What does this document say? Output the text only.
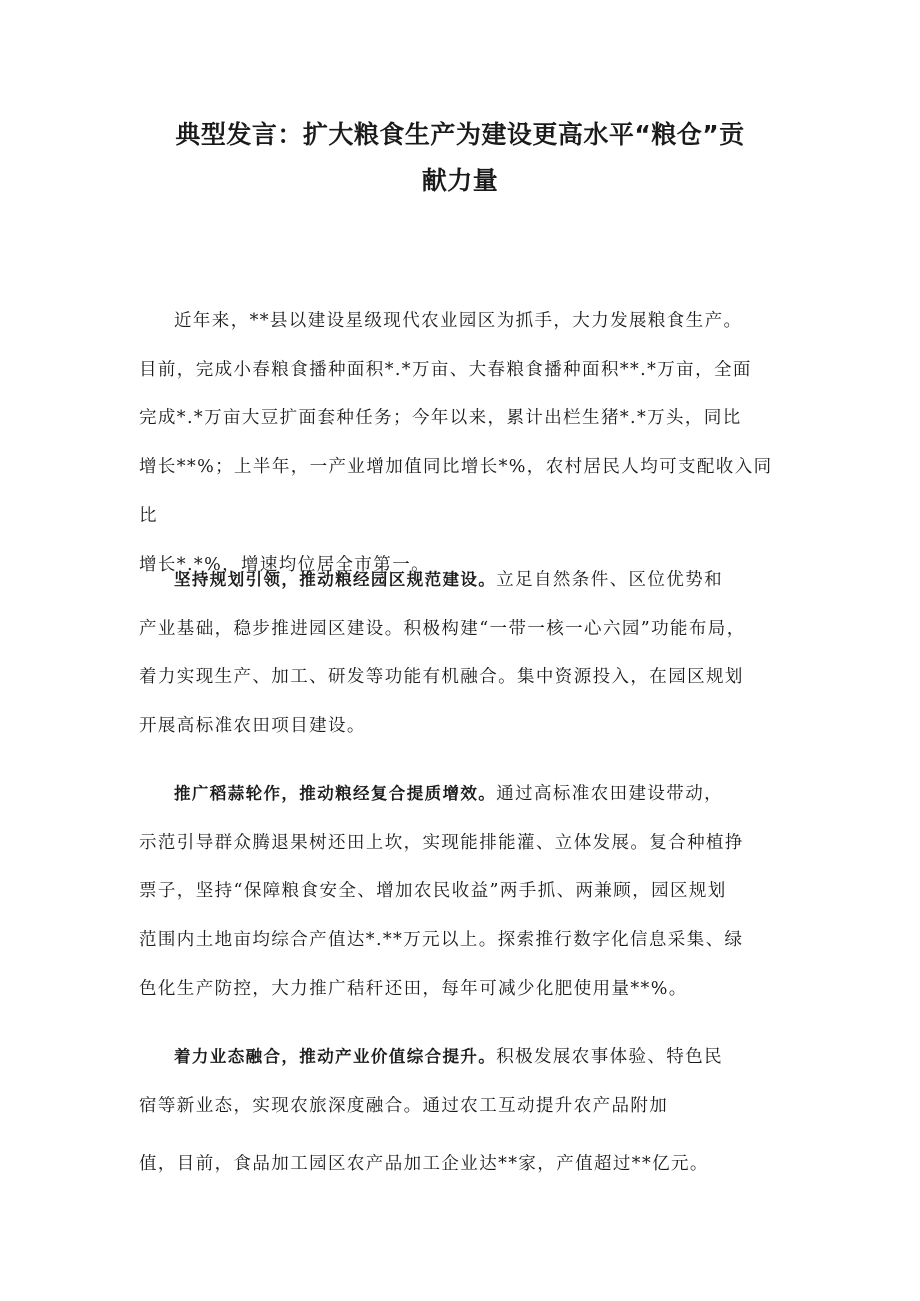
典型发言：扩大粮食生产为建设更高水平“粮仓”贡
献力量
近年来，**县以建设星级现代农业园区为抓手，大力发展粮食生产。
目前，完成小春粮食播种面积*.*万亩、大春粮食播种面积**.*万亩，全面
完成*.*万亩大豆扩面套种任务；今年以来，累计出栏生猪*.*万头，同比
增长**%；上半年，一产业增加值同比增长*%，农村居民人均可支配收入同比
增长*.*%，增速均位居全市第一。
坚持规划引领，推动粮经园区规范建设。立足自然条件、区位优势和
产业基础，稳步推进园区建设。积极构建“一带一核一心六园”功能布局，
着力实现生产、加工、研发等功能有机融合。集中资源投入，在园区规划
开展高标准农田项目建设。
推广稻蒜轮作，推动粮经复合提质增效。通过高标准农田建设带动，
示范引导群众腾退果树还田上坎，实现能排能灌、立体发展。复合种植挣
票子，坚持“保障粮食安全、增加农民收益”两手抓、两兼顾，园区规划
范围内土地亩均综合产值达*.**万元以上。探索推行数字化信息采集、绿
色化生产防控，大力推广秸秆还田，每年可减少化肥使用量**%。
着力业态融合，推动产业价值综合提升。积极发展农事体验、特色民
宿等新业态，实现农旅深度融合。通过农工互动提升农产品附加
值，目前，食品加工园区农产品加工企业达**家，产值超过**亿元。
